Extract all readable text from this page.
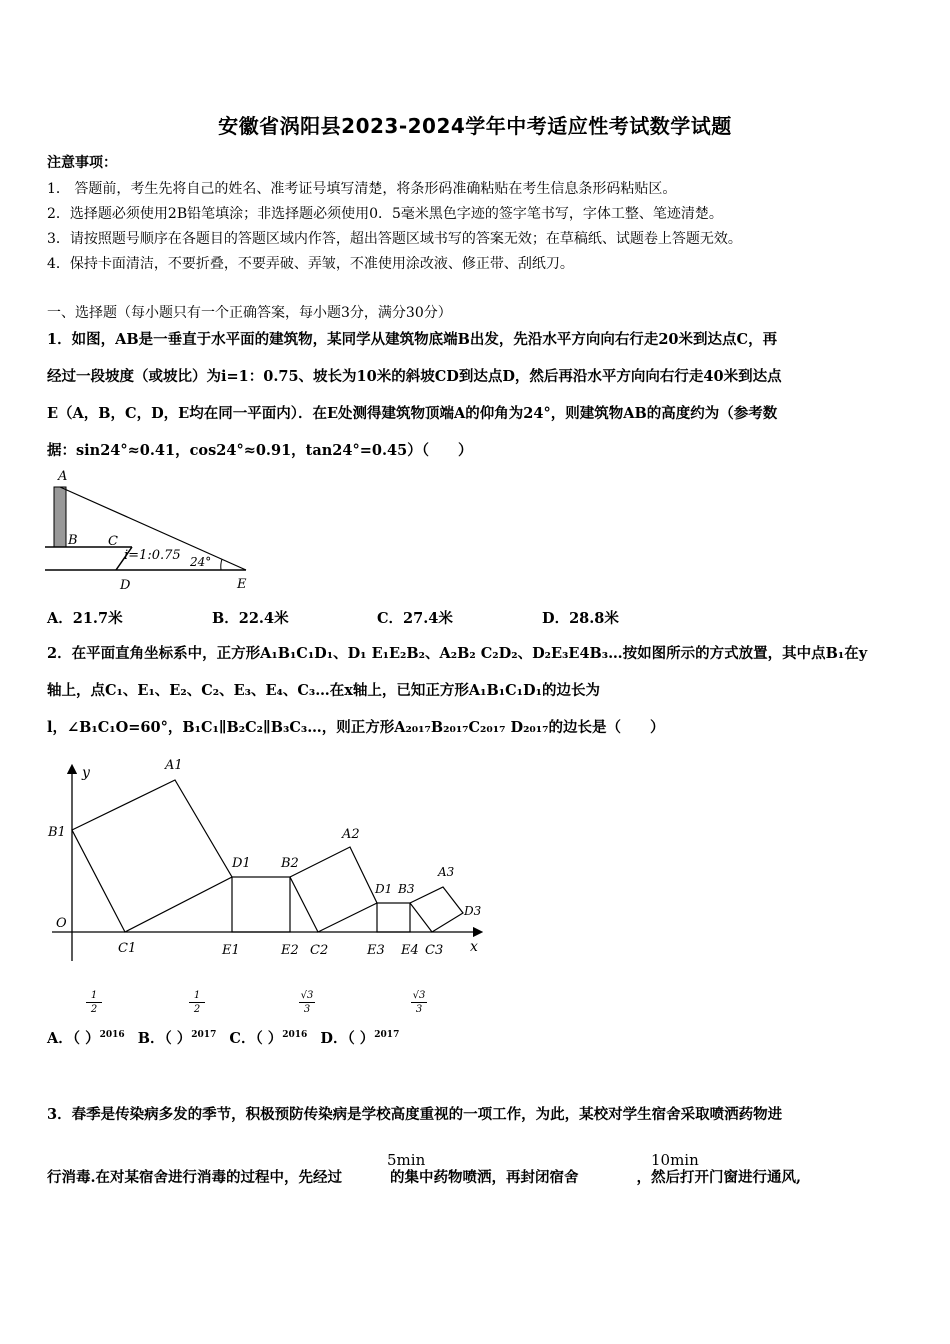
安徽省涡阳县2023-2024学年中考适应性考试数学试题
注意事项：
1． 答题前，考生先将自己的姓名、准考证号填写清楚，将条形码准确粘贴在考生信息条形码粘贴区。
2．选择题必须使用2B铅笔填涂；非选择题必须使用0．5毫米黑色字迹的签字笔书写，字体工整、笔迹清楚。
3．请按照题号顺序在各题目的答题区域内作答，超出答题区域书写的答案无效；在草稿纸、试题卷上答题无效。
4．保持卡面清洁，不要折叠，不要弄破、弄皱，不准使用涂改液、修正带、刮纸刀。
一、选择题（每小题只有一个正确答案，每小题3分，满分30分）
1．如图，AB是一垂直于水平面的建筑物，某同学从建筑物底端B出发，先沿水平方向向右行走20米到达点C，再
经过一段坡度（或坡比）为i=1：0.75、坡长为10米的斜坡CD到达点D，然后再沿水平方向向右行走40米到达点
E（A，B，C，D，E均在同一平面内）．在E处测得建筑物顶端A的仰角为24°，则建筑物AB的高度约为（参考数
据：sin24°≈0.41，cos24°≈0.91，tan24°=0.45）（　　）
A
B C
D	E
i=1:0.75 24°
A．21.7米	B．22.4米	C．27.4米	D．28.8米
2．在平面直角坐标系中，正方形A₁B₁C₁D₁、D₁ E₁E₂B₂、A₂B₂ C₂D₂、D₂E₃E4B₃…按如图所示的方式放置，其中点B₁在y
轴上，点C₁、E₁、E₂、C₂、E₃、E₄、C₃…在x轴上，已知正方形A₁B₁C₁D₁的边长为
l，∠B₁C₁O=60°，B₁C₁∥B₂C₂∥B₃C₃…，则正方形A₂₀₁₇B₂₀₁₇C₂₀₁₇ D₂₀₁₇的边长是（　　）
y
x
O
A1
B1
C1
D1
E1	E2
B2
A2
C2
D1 B3
A3
D3
E3 E4 C3
1
2
1
2
√3
3
√3
3
A．（ ）$^{2016}$ B．（ ）$^{2017}$ C．（ ）$^{2016}$ D．（ ）$^{2017}$
3．春季是传染病多发的季节，积极预防传染病是学校高度重视的一项工作，为此，某校对学生宿舍采取喷洒药物进
行消毒.在对某宿舍进行消毒的过程中，先经过	的集中药物喷洒，再封闭宿舍	，然后打开门窗进行通风,
5min	10min
